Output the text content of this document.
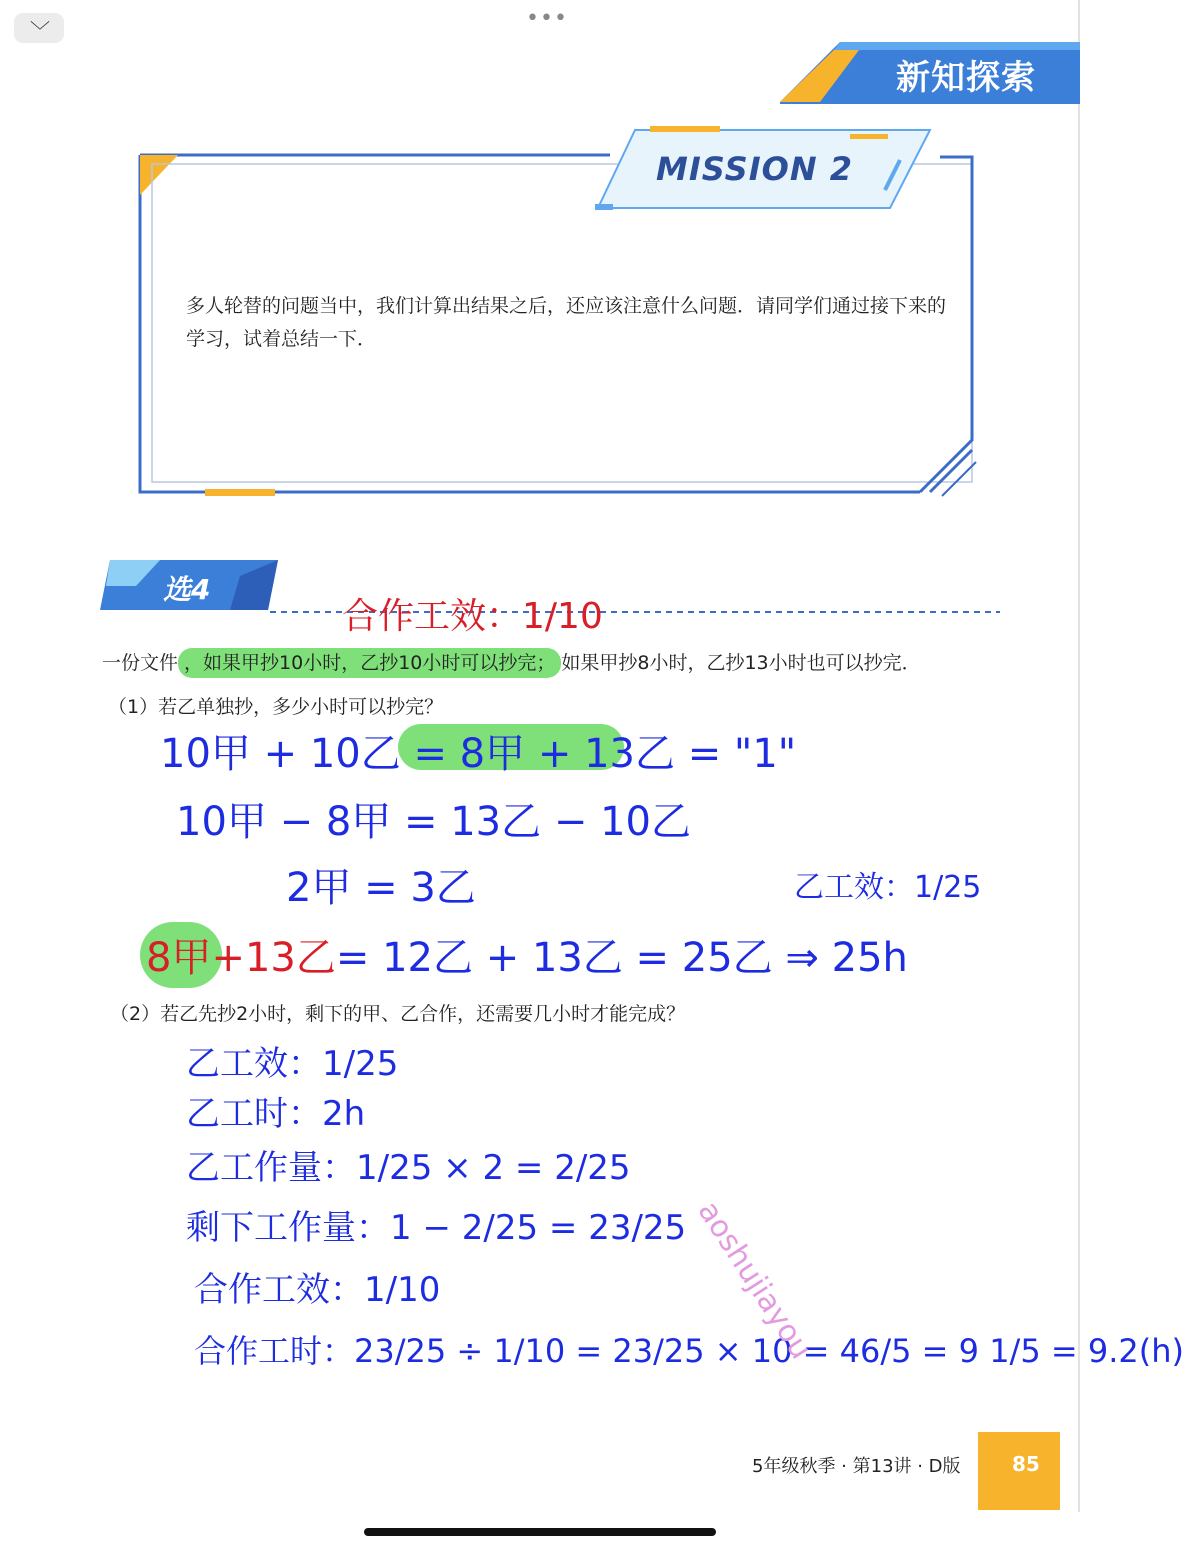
﹀	•••
新知探索
MISSION 2
多人轮替的问题当中，我们计算出结果之后，还应该注意什么问题．请同学们通过接下来的学习，试着总结一下．
选4
合作工效：1/10
一份文件 ，如果甲抄10小时，乙抄10小时可以抄完； 如果甲抄8小时，乙抄13小时也可以抄完．
（1）若乙单独抄，多少小时可以抄完？
10甲 + 10乙 = 8甲 + 13乙 = "1"
10甲 − 8甲 = 13乙 − 10乙
2甲 = 3乙	乙工效：1/25
8甲+13乙= 12乙 + 13乙 = 25乙 ⇒ 25h
（2）若乙先抄2小时，剩下的甲、乙合作，还需要几小时才能完成？
乙工效：1/25
乙工时：2h
乙工作量：1/25 × 2 = 2/25
剩下工作量：1 − 2/25 = 23/25
合作工效：1/10
合作工时：23/25 ÷ 1/10 = 23/25 × 10 = 46/5 = 9 1/5 = 9.2(h)
aoshujiayou
5年级秋季 · 第13讲 · D版	85
